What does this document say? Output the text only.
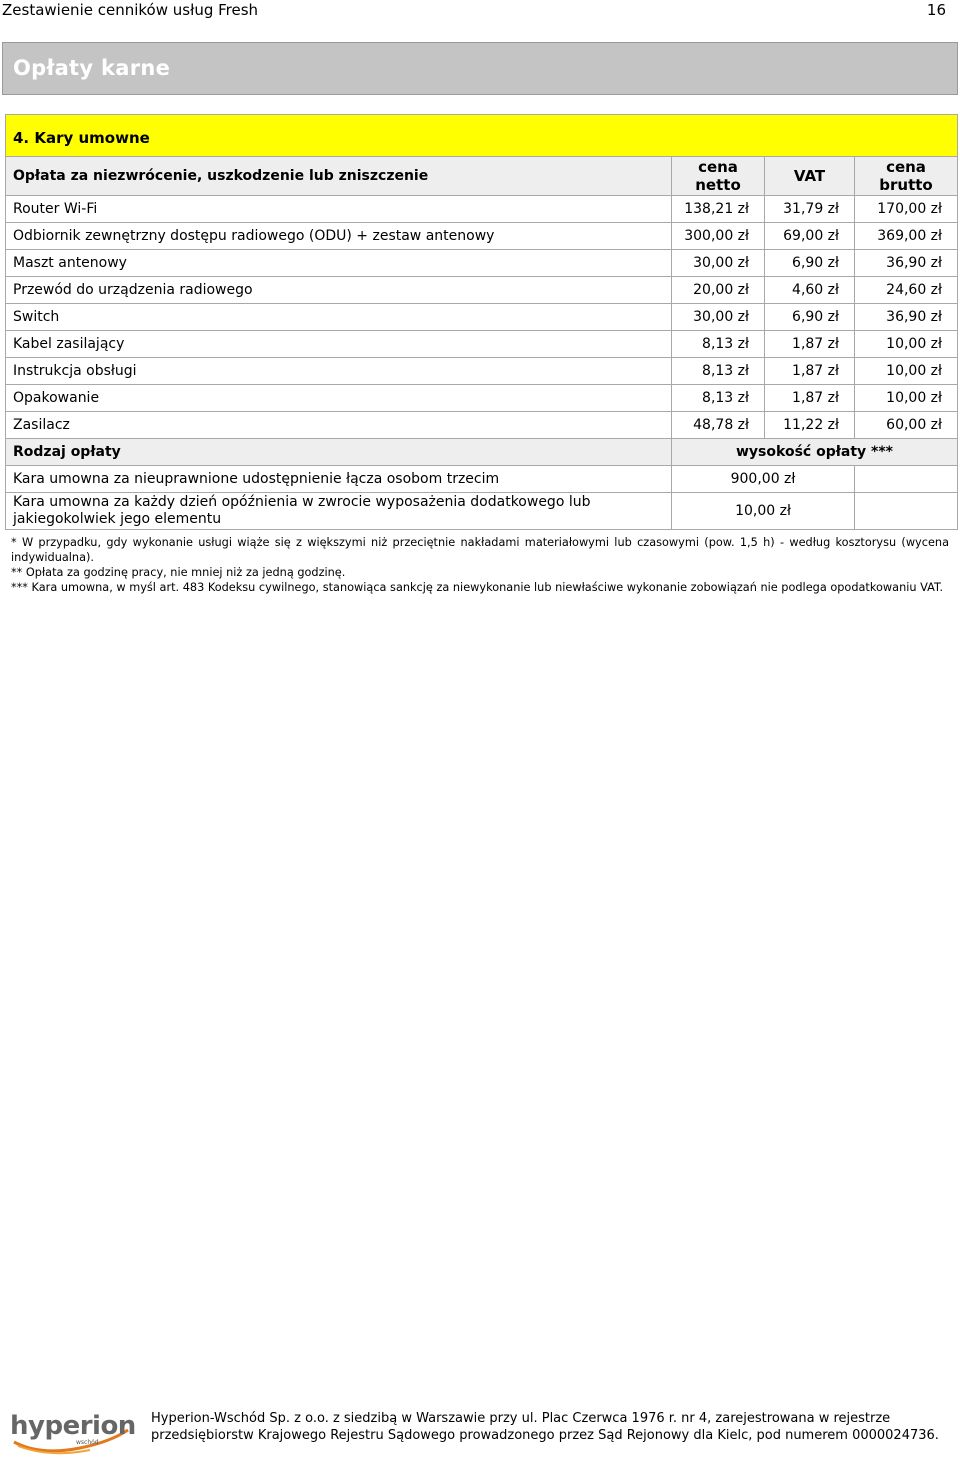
Zestawienie cenników usług Fresh	16
Opłaty karne
4. Kary umowne			
Opłata za niezwrócenie, uszkodzenie lub zniszczenie	cena netto	VAT	cena brutto
Router Wi-Fi	138,21 zł	31,79 zł	170,00 zł
Odbiornik zewnętrzny dostępu radiowego (ODU) + zestaw antenowy	300,00 zł	69,00 zł	369,00 zł
Maszt antenowy	30,00 zł	6,90 zł	36,90 zł
Przewód do urządzenia radiowego	20,00 zł	4,60 zł	24,60 zł
Switch	30,00 zł	6,90 zł	36,90 zł
Kabel zasilający	8,13 zł	1,87 zł	10,00 zł
Instrukcja obsługi	8,13 zł	1,87 zł	10,00 zł
Opakowanie	8,13 zł	1,87 zł	10,00 zł
Zasilacz	48,78 zł	11,22 zł	60,00 zł
Rodzaj opłaty	wysokość opłaty ***		
Kara umowna za nieuprawnione udostępnienie łącza osobom trzecim	900,00 zł		
Kara umowna za każdy dzień opóźnienia w zwrocie wyposażenia dodatkowego lub jakiegokolwiek jego elementu	10,00 zł		

* W przypadku, gdy wykonanie usługi wiąże się z większymi niż przeciętnie nakładami materiałowymi lub czasowymi (pow. 1,5 h) - według kosztorysu (wycena indywidualna).

** Opłata za godzinę pracy, nie mniej niż za jedną godzinę.

*** Kara umowna, w myśl art. 483 Kodeksu cywilnego, stanowiąca sankcję za niewykonanie lub niewłaściwe wykonanie zobowiązań nie podlega opodatkowaniu VAT.

hyperion
wschód

Hyperion-Wschód Sp. z o.o. z siedzibą w Warszawie przy ul. Plac Czerwca 1976 r. nr 4, zarejestrowana w rejestrze

przedsiębiorstw Krajowego Rejestru Sądowego prowadzonego przez Sąd Rejonowy dla Kielc, pod numerem 0000024736.
